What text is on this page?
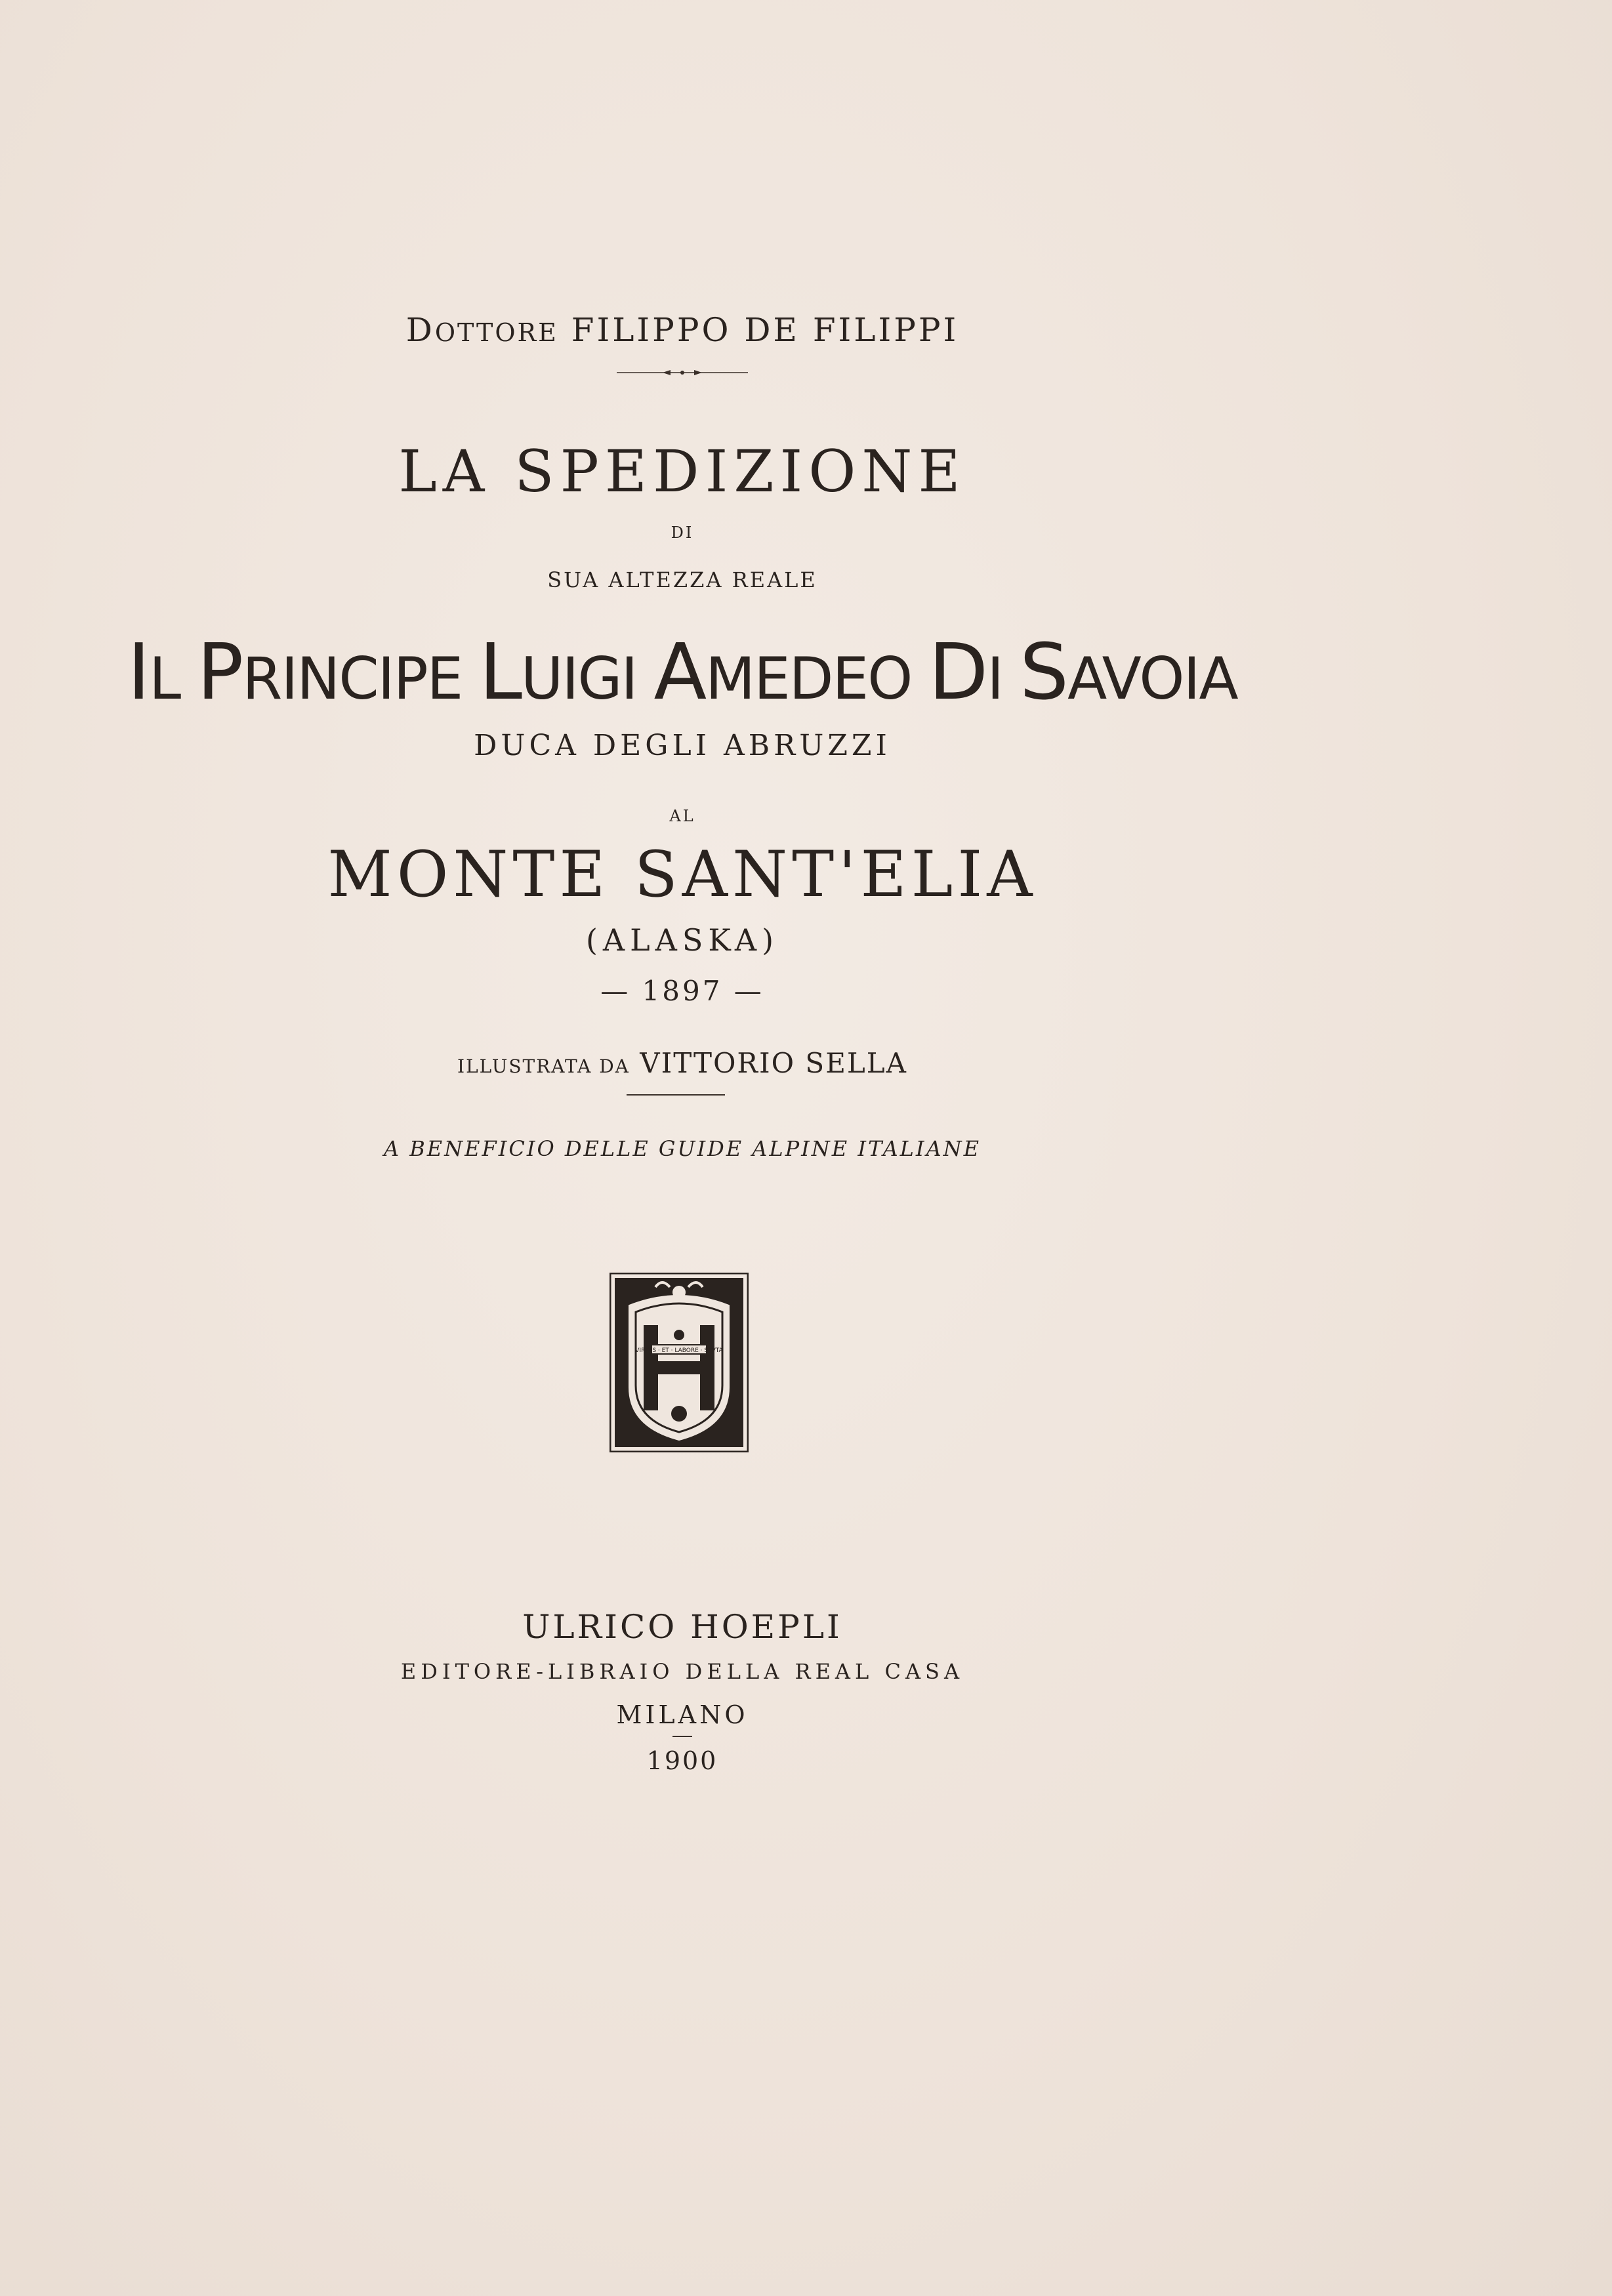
DOTTORE FILIPPO DE FILIPPI
LA SPEDIZIONE
DI
SUA ALTEZZA REALE
IL PRINCIPE LUIGI AMEDEO DI SAVOIA
DUCA DEGLI ABRUZZI
AL
MONTE SANT'ELIA
(ALASKA)
— 1897 —
ILLUSTRATA DA VITTORIO SELLA
A BENEFICIO DELLE GUIDE ALPINE ITALIANE
VIRTVS · ET · LABORE · STVTA
ULRICO HOEPLI
EDITORE-LIBRAIO DELLA REAL CASA
MILANO
1900
